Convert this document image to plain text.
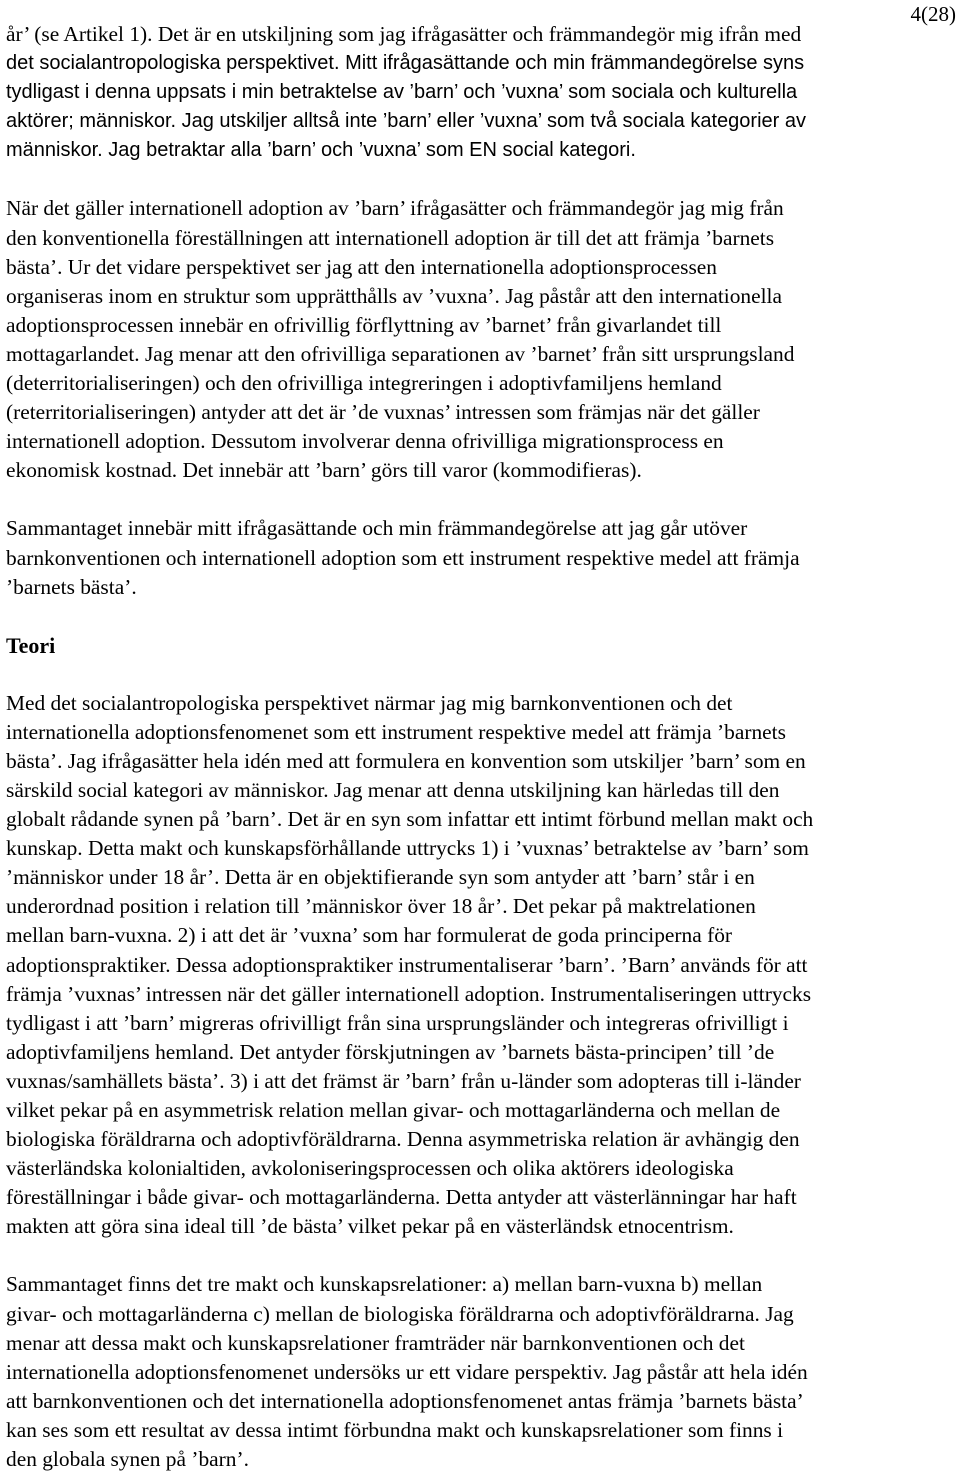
4(28)

år’ (se Artikel 1). Det är en utskiljning som jag ifrågasätter och främmandegör mig ifrån med
det socialantropologiska perspektivet. Mitt ifrågasättande och min främmandegörelse syns
tydligast i denna uppsats i min betraktelse av ’barn’ och ’vuxna’ som sociala och kulturella
aktörer; människor. Jag utskiljer alltså inte ’barn’ eller ’vuxna’ som två sociala kategorier av
människor. Jag betraktar alla ’barn’ och ’vuxna’ som EN social kategori.

När det gäller internationell adoption av ’barn’ ifrågasätter och främmandegör jag mig från
den konventionella föreställningen att internationell adoption är till det att främja ’barnets
bästa’. Ur det vidare perspektivet ser jag att den internationella adoptionsprocessen
organiseras inom en struktur som upprätthålls av ’vuxna’. Jag påstår att den internationella
adoptionsprocessen innebär en ofrivillig förflyttning av ’barnet’ från givarlandet till
mottagarlandet. Jag menar att den ofrivilliga separationen av ’barnet’ från sitt ursprungsland
(deterritorialiseringen) och den ofrivilliga integreringen i adoptivfamiljens hemland
(reterritorialiseringen) antyder att det är ’de vuxnas’ intressen som främjas när det gäller
internationell adoption. Dessutom involverar denna ofrivilliga migrationsprocess en
ekonomisk kostnad. Det innebär att ’barn’ görs till varor (kommodifieras).

Sammantaget innebär mitt ifrågasättande och min främmandegörelse att jag går utöver
barnkonventionen och internationell adoption som ett instrument respektive medel att främja
’barnets bästa’.

Teori

Med det socialantropologiska perspektivet närmar jag mig barnkonventionen och det
internationella adoptionsfenomenet som ett instrument respektive medel att främja ’barnets
bästa’. Jag ifrågasätter hela idén med att formulera en konvention som utskiljer ’barn’ som en
särskild social kategori av människor. Jag menar att denna utskiljning kan härledas till den
globalt rådande synen på ’barn’. Det är en syn som infattar ett intimt förbund mellan makt och
kunskap. Detta makt och kunskapsförhållande uttrycks 1) i ’vuxnas’ betraktelse av ’barn’ som
’människor under 18 år’. Detta är en objektifierande syn som antyder att ’barn’ står i en
underordnad position i relation till ’människor över 18 år’. Det pekar på maktrelationen
mellan barn-vuxna. 2) i att det är ’vuxna’ som har formulerat de goda principerna för
adoptionspraktiker. Dessa adoptionspraktiker instrumentaliserar ’barn’. ’Barn’ används för att
främja ’vuxnas’ intressen när det gäller internationell adoption. Instrumentaliseringen uttrycks
tydligast i att ’barn’ migreras ofrivilligt från sina ursprungsländer och integreras ofrivilligt i
adoptivfamiljens hemland. Det antyder förskjutningen av ’barnets bästa-principen’ till ’de
vuxnas/samhällets bästa’. 3) i att det främst är ’barn’ från u-länder som adopteras till i-länder
vilket pekar på en asymmetrisk relation mellan givar- och mottagarländerna och mellan de
biologiska föräldrarna och adoptivföräldrarna. Denna asymmetriska relation är avhängig den
västerländska kolonialtiden, avkoloniseringsprocessen och olika aktörers ideologiska
föreställningar i både givar- och mottagarländerna. Detta antyder att västerlänningar har haft
makten att göra sina ideal till ’de bästa’ vilket pekar på en västerländsk etnocentrism.

Sammantaget finns det tre makt och kunskapsrelationer: a) mellan barn-vuxna b) mellan
givar- och mottagarländerna c) mellan de biologiska föräldrarna och adoptivföräldrarna. Jag
menar att dessa makt och kunskapsrelationer framträder när barnkonventionen och det
internationella adoptionsfenomenet undersöks ur ett vidare perspektiv. Jag påstår att hela idén
att barnkonventionen och det internationella adoptionsfenomenet antas främja ’barnets bästa’
kan ses som ett resultat av dessa intimt förbundna makt och kunskapsrelationer som finns i
den globala synen på ’barn’.
